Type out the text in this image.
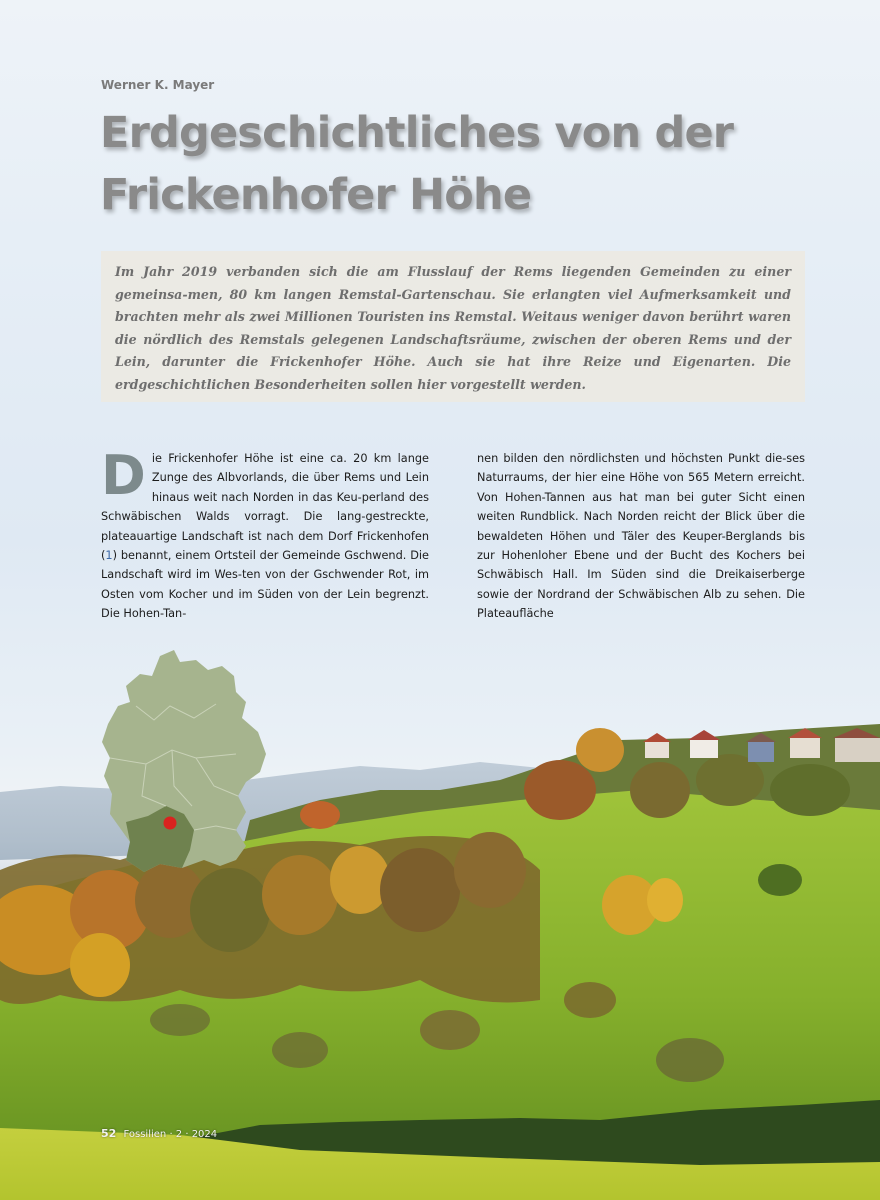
Werner K. Mayer
Erdgeschichtliches von der
Frickenhofer Höhe

Im Jahr 2019 verbanden sich die am Flusslauf der Rems liegenden Gemeinden zu einer gemeinsa-men, 80 km langen Remstal-Gartenschau. Sie erlangten viel Aufmerksamkeit und brachten mehr als zwei Millionen Touristen ins Remstal. Weitaus weniger davon berührt waren die nördlich des Remstals gelegenen Landschaftsräume, zwischen der oberen Rems und der Lein, darunter die Frickenhofer Höhe. Auch sie hat ihre Reize und Eigenarten. Die erdgeschichtlichen Besonderheiten sollen hier vorgestellt werden.

Die Frickenhofer Höhe ist eine ca. 20 km lange Zunge des Albvorlands, die über Rems und Lein hinaus weit nach Norden in das Keu-perland des Schwäbischen Walds vorragt. Die lang-gestreckte, plateauartige Landschaft ist nach dem Dorf Frickenhofen (1) benannt, einem Ortsteil der Gemeinde Gschwend. Die Landschaft wird im Wes-ten von der Gschwender Rot, im Osten vom Kocher und im Süden von der Lein begrenzt. Die Hohen-Tan-

nen bilden den nördlichsten und höchsten Punkt die-ses Naturraums, der hier eine Höhe von 565 Metern erreicht. Von Hohen-Tannen aus hat man bei guter Sicht einen weiten Rundblick. Nach Norden reicht der Blick über die bewaldeten Höhen und Täler des Keuper-Berglands bis zur Hohenloher Ebene und der Bucht des Kochers bei Schwäbisch Hall. Im Süden sind die Dreikaiserberge sowie der Nordrand der Schwäbischen Alb zu sehen. Die Plateaufläche

52 Fossilien · 2 · 2024
